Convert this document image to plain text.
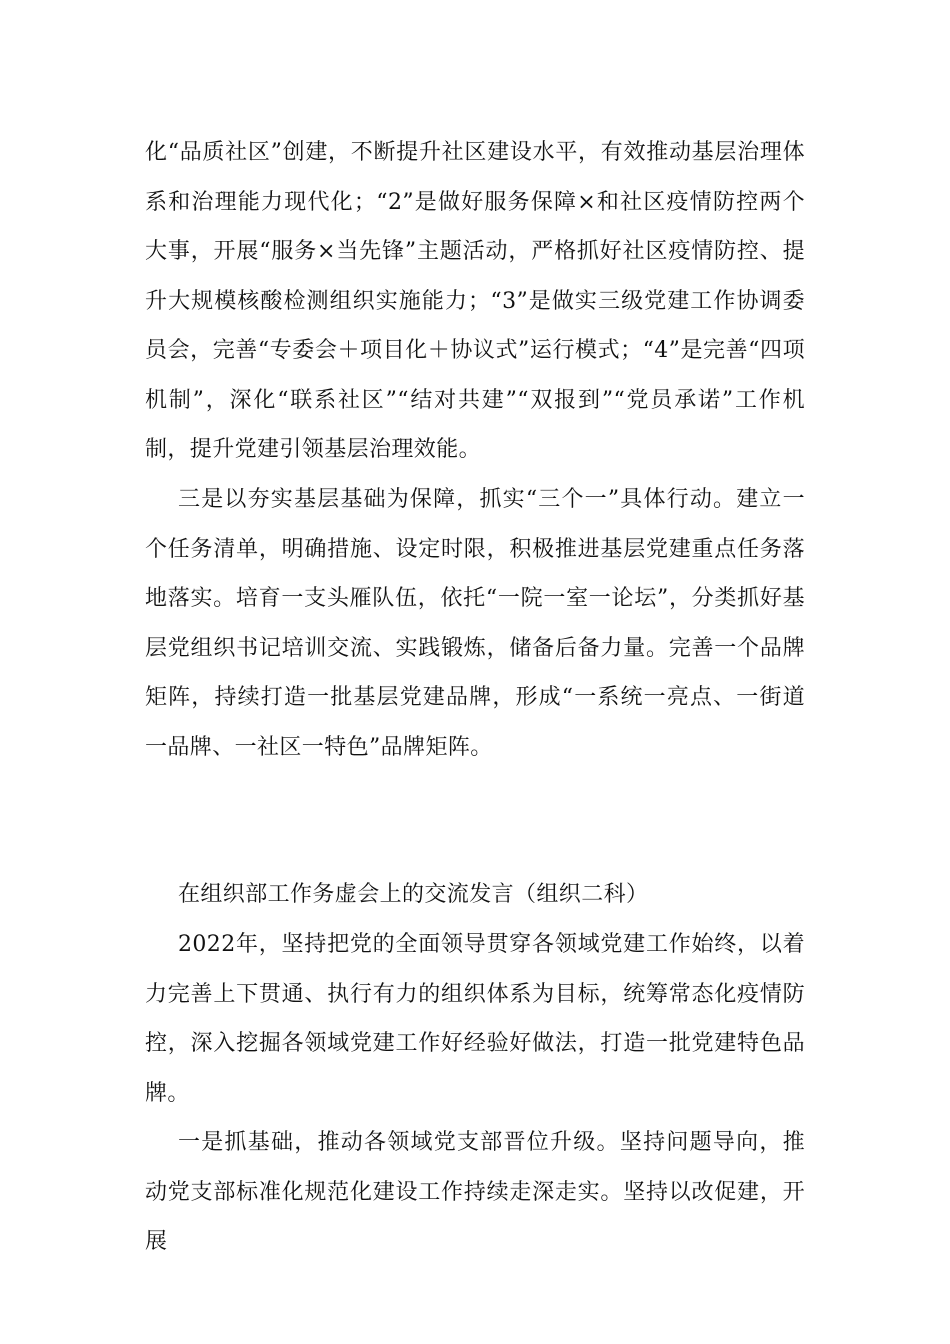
化“品质社区”创建，不断提升社区建设水平，有效推动基层治理体系和治理能力现代化；“2”是做好服务保障×和社区疫情防控两个大事，开展“服务×当先锋”主题活动，严格抓好社区疫情防控、提升大规模核酸检测组织实施能力；“3”是做实三级党建工作协调委员会，完善“专委会＋项目化＋协议式”运行模式；“4”是完善“四项机制”，深化“联系社区”“结对共建”“双报到”“党员承诺”工作机制，提升党建引领基层治理效能。

三是以夯实基层基础为保障，抓实“三个一”具体行动。建立一个任务清单，明确措施、设定时限，积极推进基层党建重点任务落地落实。培育一支头雁队伍，依托“一院一室一论坛”，分类抓好基层党组织书记培训交流、实践锻炼，储备后备力量。完善一个品牌矩阵，持续打造一批基层党建品牌，形成“一系统一亮点、一街道一品牌、一社区一特色”品牌矩阵。

在组织部工作务虚会上的交流发言（组织二科）

2022年，坚持把党的全面领导贯穿各领域党建工作始终，以着力完善上下贯通、执行有力的组织体系为目标，统筹常态化疫情防控，深入挖掘各领域党建工作好经验好做法，打造一批党建特色品牌。

一是抓基础，推动各领域党支部晋位升级。坚持问题导向，推动党支部标准化规范化建设工作持续走深走实。坚持以改促建，开展
